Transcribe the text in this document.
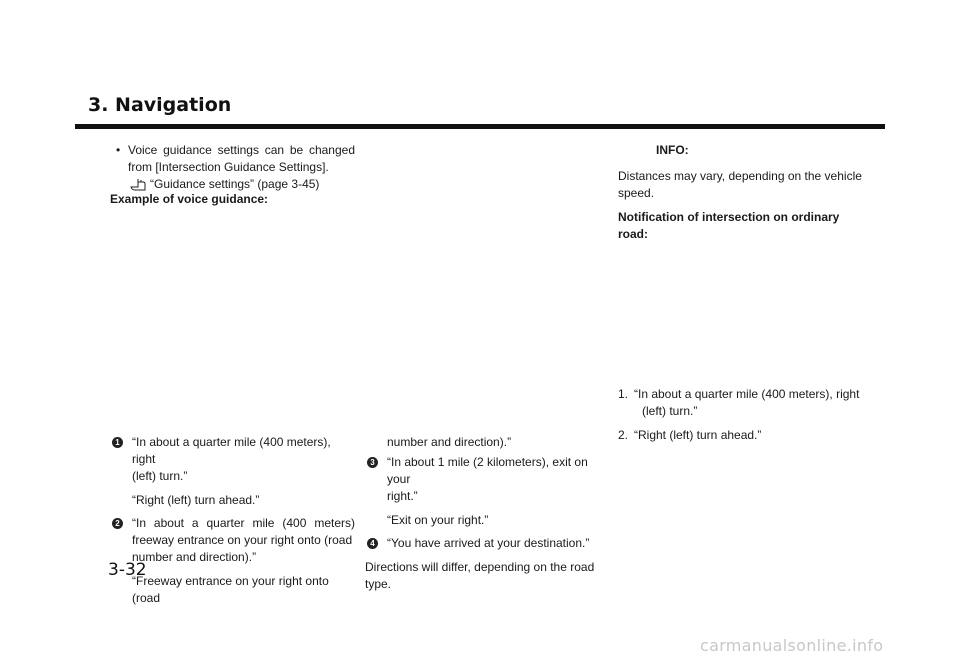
3. Navigation
• Voice guidance settings can be changed from [Intersection Guidance Settings].

“Guidance settings” (page 3-45)

Example of voice guidance:
1 “In about a quarter mile (400 meters), right

(left) turn.”

“Right (left) turn ahead.”

2 “In about a quarter mile (400 meters)

freeway entrance on your right onto (road

number and direction).”

“Freeway entrance on your right onto (road

number and direction).”

3 “In about 1 mile (2 kilometers), exit on your

right.”

“Exit on your right.”

4 “You have arrived at your destination.”

Directions will differ, depending on the road type.

INFO:

Distances may vary, depending on the vehicle

speed.

Notification of intersection on ordinary

road:

1. “In about a quarter mile (400 meters), right

(left) turn.”

2. “Right (left) turn ahead.”

3-32
carmanualsonline.info
